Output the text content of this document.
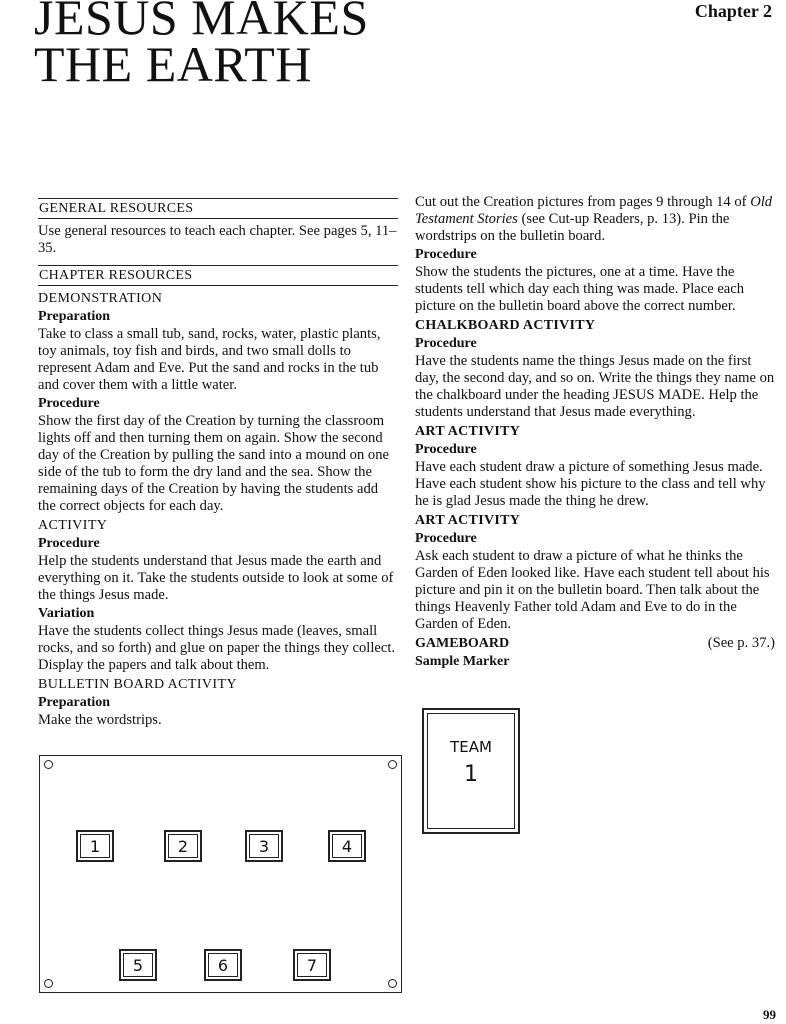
JESUS MAKES
THE EARTH
Chapter 2
GENERAL RESOURCES

Use general resources to teach each chapter. See pages 5, 11–35.

CHAPTER RESOURCES
DEMONSTRATION
Preparation

Take to class a small tub, sand, rocks, water, plastic plants, toy animals, toy fish and birds, and two small dolls to represent Adam and Eve. Put the sand and rocks in the tub and cover them with a little water.

Procedure

Show the first day of the Creation by turning the classroom lights off and then turning them on again. Show the second day of the Creation by pulling the sand into a mound on one side of the tub to form the dry land and the sea. Show the remaining days of the Creation by having the students add the correct objects for each day.

ACTIVITY
Procedure

Help the students understand that Jesus made the earth and everything on it. Take the students outside to look at some of the things Jesus made.

Variation

Have the students collect things Jesus made (leaves, small rocks, and so forth) and glue on paper the things they collect. Display the papers and talk about them.

BULLETIN BOARD ACTIVITY
Preparation

Make the wordstrips.

1	2	3	4
5	6	7

Cut out the Creation pictures from pages 9 through 14 of Old Testament Stories (see Cut-up Readers, p. 13). Pin the wordstrips on the bulletin board.

Procedure

Show the students the pictures, one at a time. Have the students tell which day each thing was made. Place each picture on the bulletin board above the correct number.

CHALKBOARD ACTIVITY
Procedure

Have the students name the things Jesus made on the first day, the second day, and so on. Write the things they name on the chalkboard under the heading JESUS MADE. Help the students understand that Jesus made everything.

ART ACTIVITY
Procedure

Have each student draw a picture of something Jesus made. Have each student show his picture to the class and tell why he is glad Jesus made the thing he drew.

ART ACTIVITY
Procedure

Ask each student to draw a picture of what he thinks the Garden of Eden looked like. Have each student tell about his picture and pin it on the bulletin board. Then talk about the things Heavenly Father told Adam and Eve to do in the Garden of Eden.

GAMEBOARD	(See p. 37.)
Sample Marker
TEAM
1
99
